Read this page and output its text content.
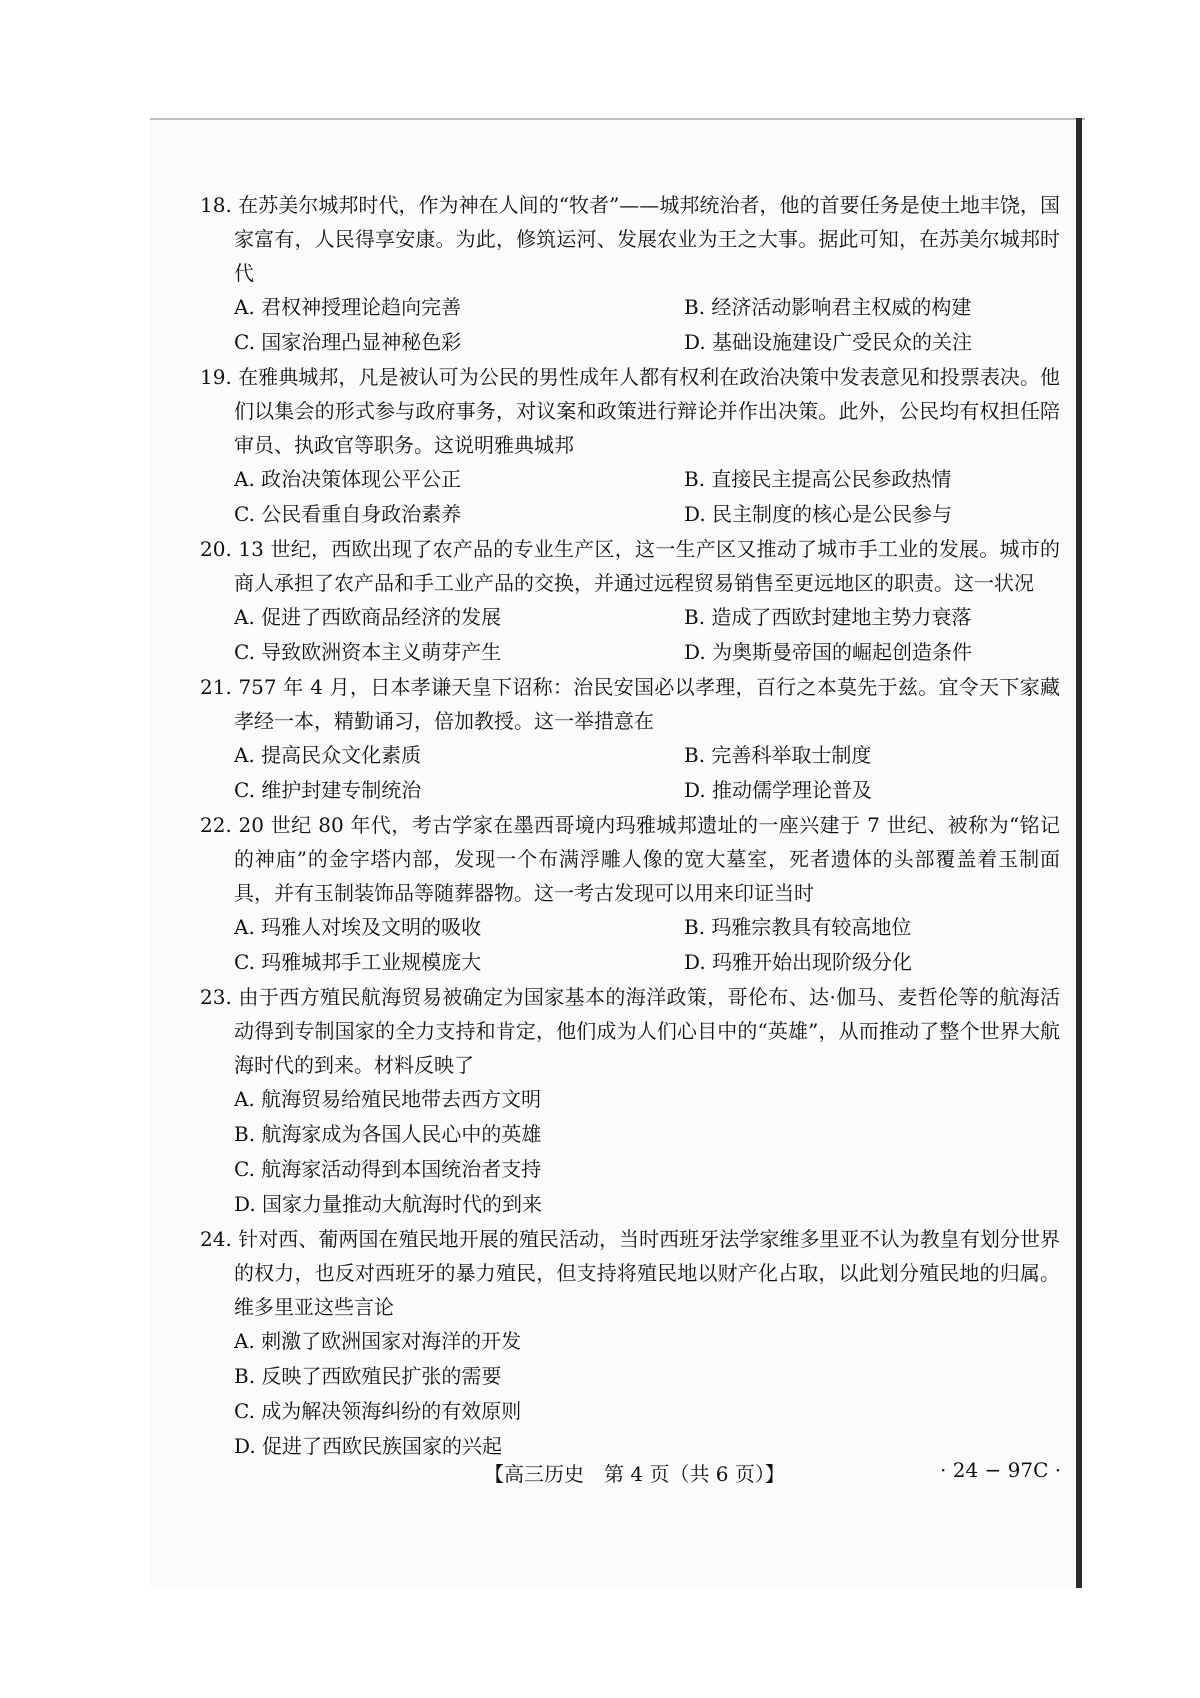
18. 在苏美尔城邦时代，作为神在人间的“牧者”——城邦统治者，他的首要任务是使土地丰饶，国家富有，人民得享安康。为此，修筑运河、发展农业为王之大事。据此可知，在苏美尔城邦时代

A. 君权神授理论趋向完善	B. 经济活动影响君主权威的构建
C. 国家治理凸显神秘色彩	D. 基础设施建设广受民众的关注

19. 在雅典城邦，凡是被认可为公民的男性成年人都有权利在政治决策中发表意见和投票表决。他们以集会的形式参与政府事务，对议案和政策进行辩论并作出决策。此外，公民均有权担任陪审员、执政官等职务。这说明雅典城邦

A. 政治决策体现公平公正	B. 直接民主提高公民参政热情
C. 公民看重自身政治素养	D. 民主制度的核心是公民参与

20. 13 世纪，西欧出现了农产品的专业生产区，这一生产区又推动了城市手工业的发展。城市的商人承担了农产品和手工业产品的交换，并通过远程贸易销售至更远地区的职责。这一状况

A. 促进了西欧商品经济的发展	B. 造成了西欧封建地主势力衰落
C. 导致欧洲资本主义萌芽产生	D. 为奥斯曼帝国的崛起创造条件

21. 757 年 4 月，日本孝谦天皇下诏称：治民安国必以孝理，百行之本莫先于兹。宜令天下家藏孝经一本，精勤诵习，倍加教授。这一举措意在

A. 提高民众文化素质	B. 完善科举取士制度
C. 维护封建专制统治	D. 推动儒学理论普及

22. 20 世纪 80 年代，考古学家在墨西哥境内玛雅城邦遗址的一座兴建于 7 世纪、被称为“铭记的神庙”的金字塔内部，发现一个布满浮雕人像的宽大墓室，死者遗体的头部覆盖着玉制面具，并有玉制装饰品等随葬器物。这一考古发现可以用来印证当时

A. 玛雅人对埃及文明的吸收	B. 玛雅宗教具有较高地位
C. 玛雅城邦手工业规模庞大	D. 玛雅开始出现阶级分化

23. 由于西方殖民航海贸易被确定为国家基本的海洋政策，哥伦布、达·伽马、麦哲伦等的航海活动得到专制国家的全力支持和肯定，他们成为人们心目中的“英雄”，从而推动了整个世界大航海时代的到来。材料反映了

A. 航海贸易给殖民地带去西方文明
B. 航海家成为各国人民心中的英雄
C. 航海家活动得到本国统治者支持
D. 国家力量推动大航海时代的到来

24. 针对西、葡两国在殖民地开展的殖民活动，当时西班牙法学家维多里亚不认为教皇有划分世界的权力，也反对西班牙的暴力殖民，但支持将殖民地以财产化占取，以此划分殖民地的归属。维多里亚这些言论

A. 刺激了欧洲国家对海洋的开发
B. 反映了西欧殖民扩张的需要
C. 成为解决领海纠纷的有效原则
D. 促进了西欧民族国家的兴起
【高三历史　第 4 页（共 6 页）】	· 24 − 97C ·
